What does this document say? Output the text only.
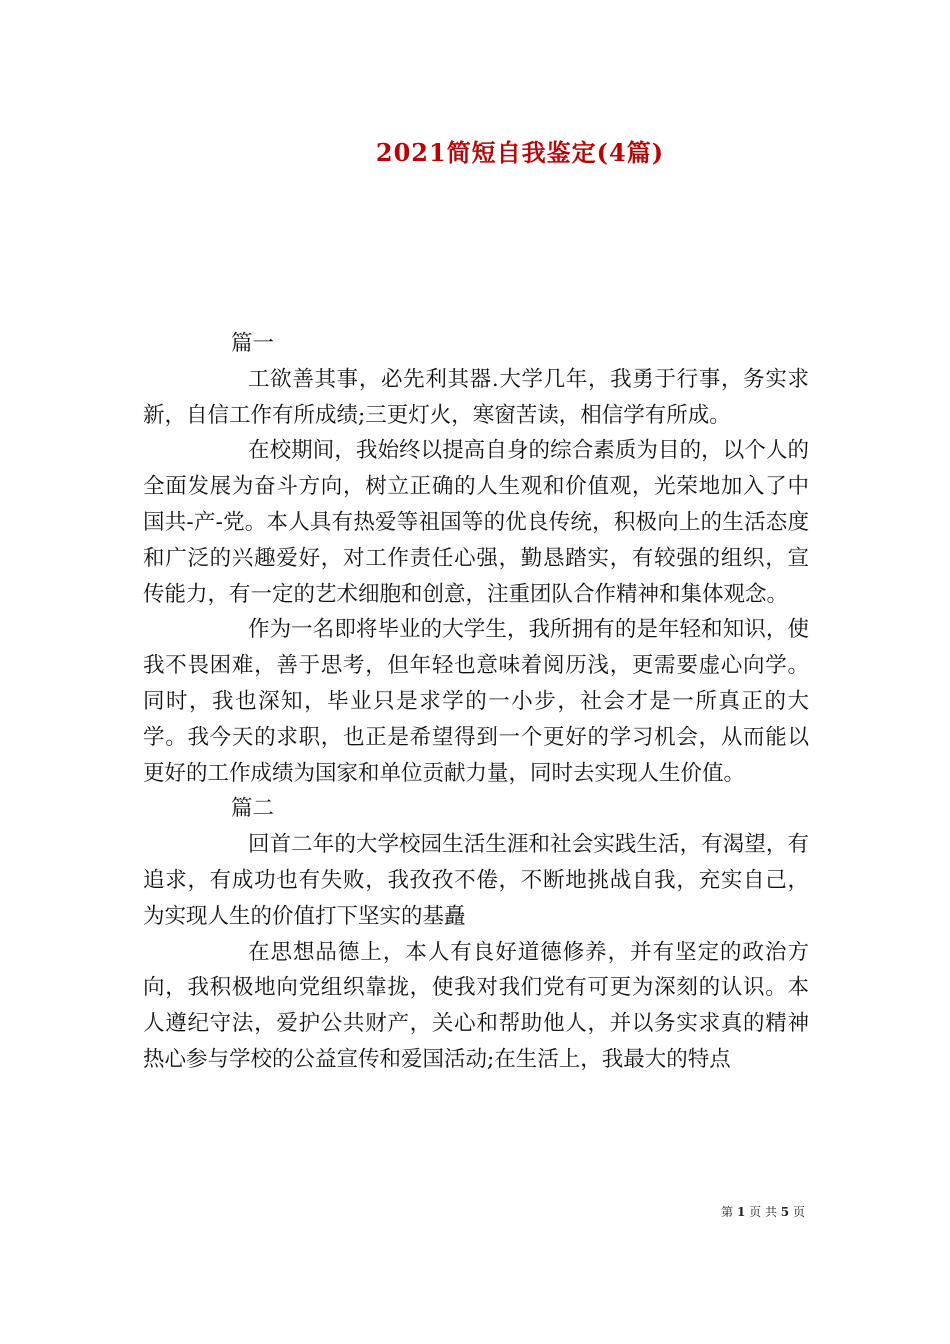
2021简短自我鉴定(4篇)

篇一

工欲善其事，必先利其器.大学几年，我勇于行事，务实求新，自信工作有所成绩;三更灯火，寒窗苦读，相信学有所成。

在校期间，我始终以提高自身的综合素质为目的，以个人的全面发展为奋斗方向，树立正确的人生观和价值观，光荣地加入了中国共-产-党。本人具有热爱等祖国等的优良传统，积极向上的生活态度和广泛的兴趣爱好，对工作责任心强，勤恳踏实，有较强的组织，宣传能力，有一定的艺术细胞和创意，注重团队合作精神和集体观念。

作为一名即将毕业的大学生，我所拥有的是年轻和知识，使我不畏困难，善于思考，但年轻也意味着阅历浅，更需要虚心向学。同时，我也深知，毕业只是求学的一小步，社会才是一所真正的大学。我今天的求职，也正是希望得到一个更好的学习机会，从而能以更好的工作成绩为国家和单位贡献力量，同时去实现人生价值。

篇二

回首二年的大学校园生活生涯和社会实践生活，有渴望，有追求，有成功也有失败，我孜孜不倦，不断地挑战自我，充实自己，为实现人生的价值打下坚实的基矗

在思想品德上，本人有良好道德修养，并有坚定的政治方向，我积极地向党组织靠拢，使我对我们党有可更为深刻的认识。本人遵纪守法，爱护公共财产，关心和帮助他人，并以务实求真的精神热心参与学校的公益宣传和爱国活动;在生活上，我最大的特点

第 1 页 共 5 页
